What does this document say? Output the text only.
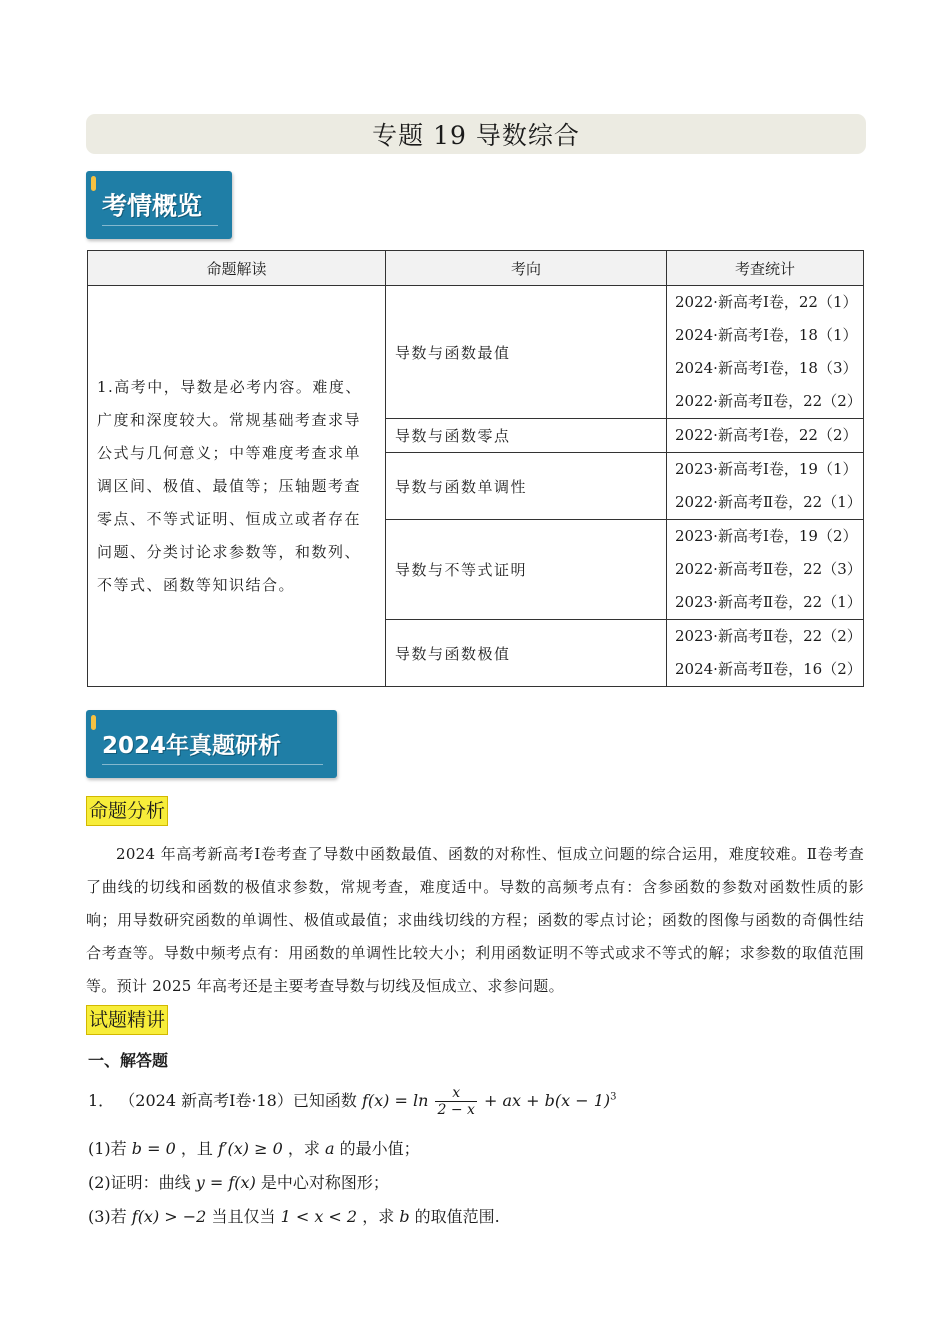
专题 19 导数综合
考情概览
命题解读	考向	考查统计
1.高考中，导数是必考内容。难度、广度和深度较大。常规基础考查求导公式与几何意义；中等难度考查求单调区间、极值、最值等；压轴题考查零点、不等式证明、恒成立或者存在问题、分类讨论求参数等，和数列、不等式、函数等知识结合。	导数与函数最值	2022·新高考Ⅰ卷，22（1）
2024·新高考Ⅰ卷，18（1）
2024·新高考Ⅰ卷，18（3）
2022·新高考Ⅱ卷，22（2）

	导数与函数零点	2022·新高考Ⅰ卷，22（2）

	导数与函数单调性	2023·新高考Ⅰ卷，19（1）
2022·新高考Ⅱ卷，22（1）

	导数与不等式证明	2023·新高考Ⅰ卷，19（2）
2022·新高考Ⅱ卷，22（3）
2023·新高考Ⅱ卷，22（1）

	导数与函数极值	2023·新高考Ⅱ卷，22（2）
2024·新高考Ⅱ卷，16（2）
2024年真题研析
命题分析
2024 年高考新高考Ⅰ卷考查了导数中函数最值、函数的对称性、恒成立问题的综合运用，难度较难。Ⅱ卷考查了曲线的切线和函数的极值求参数，常规考查，难度适中。导数的高频考点有：含参函数的参数对函数性质的影响；用导数研究函数的单调性、极值或最值；求曲线切线的方程；函数的零点讨论；函数的图像与函数的奇偶性结合考查等。导数中频考点有：用函数的单调性比较大小；利用函数证明不等式或求不等式的解；求参数的取值范围等。预计 2025 年高考还是主要考查导数与切线及恒成立、求参问题。
试题精讲
一、解答题
1． （2024 新高考Ⅰ卷·18）已知函数 $f(x) = \ln \frac{x}{2 - x}$ + ax + $b(x - 1)^3$
(1)若 b = 0 ，且 f′(x) ≥ 0 ，求 a 的最小值；
(2)证明：曲线 y = f(x) 是中心对称图形；
(3)若 f(x) > −2 当且仅当 1 < x < 2 ，求 b 的取值范围.
